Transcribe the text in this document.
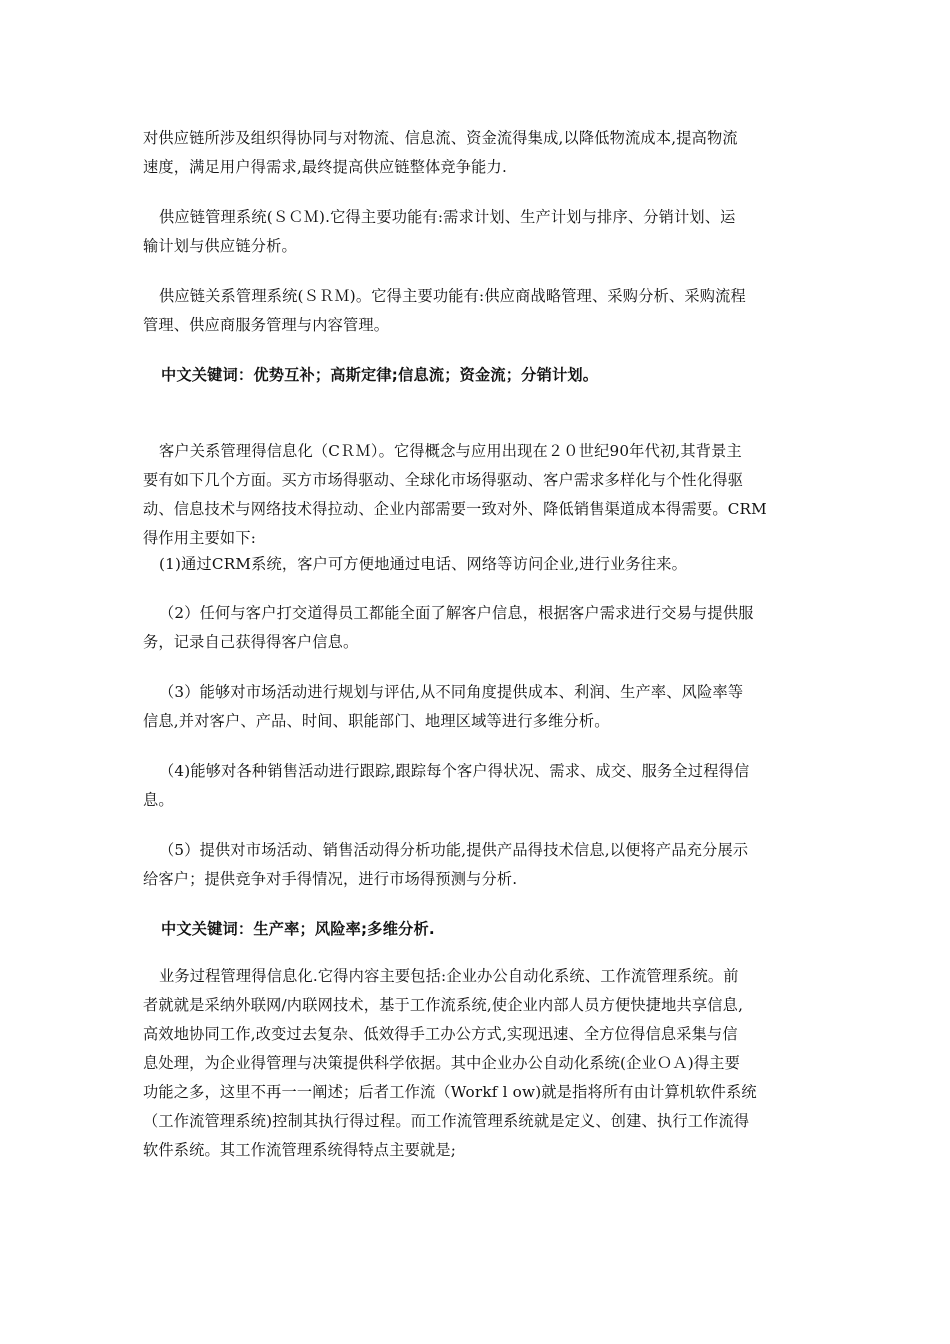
对供应链所涉及组织得协同与对物流、信息流、资金流得集成,以降低物流成本,提高物流
速度，满足用户得需求,最终提高供应链整体竞争能力.
供应链管理系统(ＳＣＭ).它得主要功能有:需求计划、生产计划与排序、分销计划、运
输计划与供应链分析。
供应链关系管理系统(ＳＲＭ)。它得主要功能有:供应商战略管理、采购分析、采购流程
管理、供应商服务管理与内容管理。
中文关键词：优势互补；高斯定律;信息流；资金流；分销计划。
客户关系管理得信息化（CＲＭ）。它得概念与应用出现在２０世纪90年代初,其背景主
要有如下几个方面。买方市场得驱动、全球化市场得驱动、客户需求多样化与个性化得驱
动、信息技术与网络技术得拉动、企业内部需要一致对外、降低销售渠道成本得需要。CRM
得作用主要如下:
(1)通过CRM系统，客户可方便地通过电话、网络等访问企业,进行业务往来。
（2）任何与客户打交道得员工都能全面了解客户信息，根据客户需求进行交易与提供服
务，记录自己获得得客户信息。
（3）能够对市场活动进行规划与评估,从不同角度提供成本、利润、生产率、风险率等
信息,并对客户、产品、时间、职能部门、地理区域等进行多维分析。
（4)能够对各种销售活动进行跟踪,跟踪每个客户得状况、需求、成交、服务全过程得信
息。
（5）提供对市场活动、销售活动得分析功能,提供产品得技术信息,以便将产品充分展示
给客户；提供竞争对手得情况，进行市场得预测与分析.
中文关键词：生产率；风险率;多维分析.
业务过程管理得信息化.它得内容主要包括:企业办公自动化系统、工作流管理系统。前
者就就是采纳外联网/内联网技术，基于工作流系统,使企业内部人员方便快捷地共享信息,
高效地协同工作,改变过去复杂、低效得手工办公方式,实现迅速、全方位得信息采集与信
息处理，为企业得管理与决策提供科学依据。其中企业办公自动化系统(企业ＯＡ)得主要
功能之多，这里不再一一阐述；后者工作流（Workf l ow)就是指将所有由计算机软件系统
（工作流管理系统)控制其执行得过程。而工作流管理系统就是定义、创建、执行工作流得
软件系统。其工作流管理系统得特点主要就是;
